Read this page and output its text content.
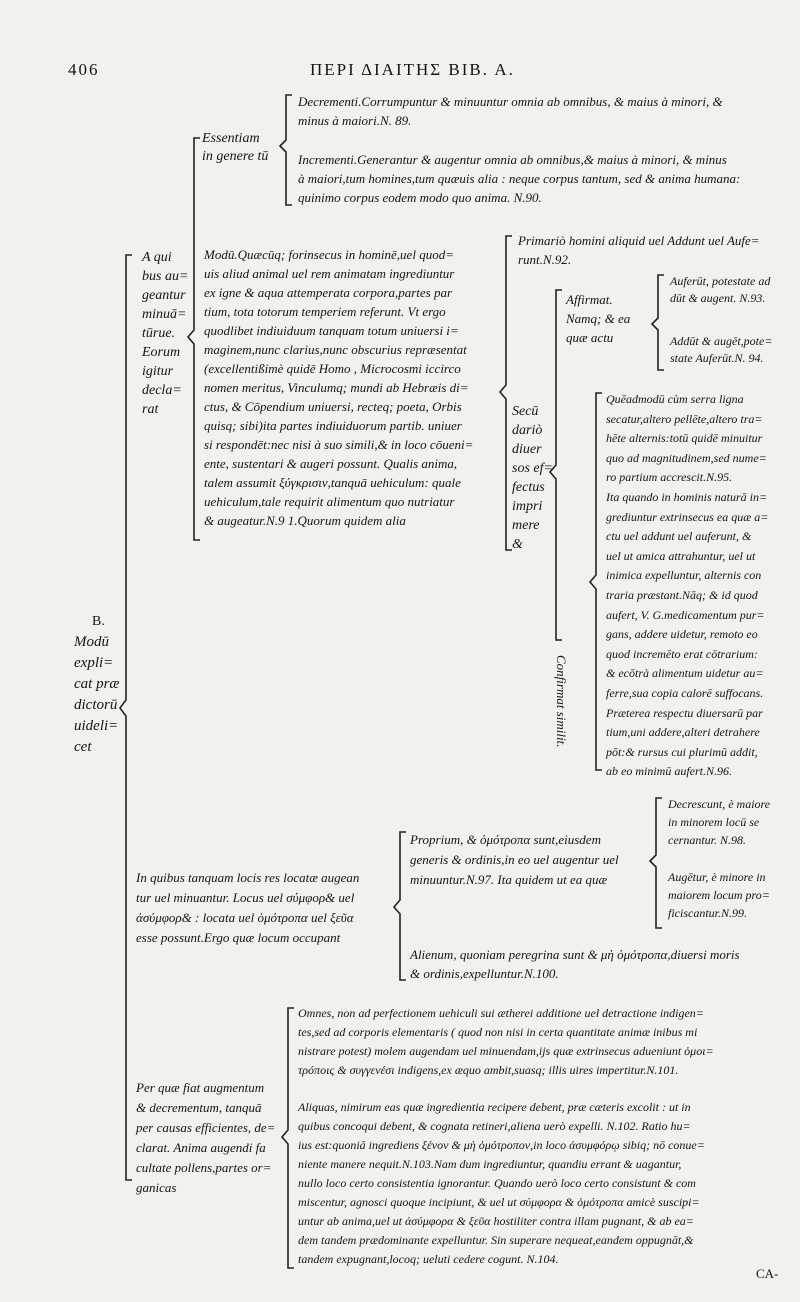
406	ΠΕΡΙ ΔΙΑΙΤΗΣ ΒΙΒ. Α.
B.
Modū
expli=
cat præ
dictorū
uideli=
cet
A qui
bus au=
geantur
minuā=
tūrue.
Eorum
igitur
decla=
rat
Essentiam
in genere tū
Decrementi.Corrumpuntur & minuuntur omnia ab omnibus, & maius à minori, &
minus à maiori.N. 89.
Incrementi.Generantur & augentur omnia ab omnibus,& maius à minori, & minus
à maiori,tum homines,tum quæuis alia : neque corpus tantum, sed & anima humana:
quinimo corpus eodem modo quo anima. N.90.
Modū.Quæcūq; forinsecus in hominē,uel quod=
uis aliud animal uel rem animatam ingrediuntur
ex igne & aqua attemperata corpora,partes par
tium, tota totorum temperiem referunt. Vt ergo
quodlibet indiuiduum tanquam totum uniuersi i=
maginem,nunc clarius,nunc obscurius repræsentat
(excellentißimè quidē Homo , Microcosmi iccirco
nomen meritus, Vinculumq; mundi ab Hebræis di=
ctus, & Cōpendium uniuersi, recteq; poeta, Orbis
quisq; sibi)ita partes indiuiduorum partib. uniuer
si respondēt:nec nisi à suo simili,& in loco cōueni=
ente, sustentari & augeri possunt. Qualis anima,
talem assumit ξύγκρισιν,tanquā uehiculum: quale
uehiculum,tale requirit alimentum quo nutriatur
& augeatur.N.9 1.Quorum quidem alia
Primariò homini aliquid uel Addunt uel Aufe=
runt.N.92.
Secū
dariò
diuer
sos ef=
fectus
impri
mere
&
Affirmat.
Namq; & ea
quæ actu
Auferūt, potestate ad
dūt & augent. N.93.
Addūt & augēt,pote=
state Auferūt.N. 94.
Confirmat similit.
Quēadmodū cùm serra ligna
secatur,altero pellēte,altero tra=
hēte alternis:totū quidē minuitur
quo ad magnitudinem,sed nume=
ro partium accrescit.N.95.
Ita quando in hominis naturā in=
grediuntur extrinsecus ea quæ a=
ctu uel addunt uel auferunt, &
uel ut amica attrahuntur, uel ut
inimica expelluntur, alternis con
traria præstant.Nāq; & id quod
aufert, V. G.medicamentum pur=
gans, addere uidetur, remoto eo
quod incremēto erat cōtrarium:
& ecōtrà alimentum uidetur au=
ferre,sua copia calorē suffocans.
Præterea respectu diuersarū par
tium,uni addere,alteri detrahere
pōt:& rursus cui plurimū addit,
ab eo minimū aufert.N.96.
In quibus tanquam locis res locatæ augean
tur uel minuantur. Locus uel σύμφορ& uel
ἀσύμφορ& : locata uel ὁμότροπα uel ξεῦα
esse possunt.Ergo quæ locum occupant
Proprium, & ὁμότροπα sunt,eiusdem
generis & ordinis,in eo uel augentur uel
minuuntur.N.97. Ita quidem ut ea quæ
Decrescunt, è maiore
in minorem locū se
cernantur. N.98.
Augētur, è minore in
maiorem locum pro=
ficiscantur.N.99.
Alienum, quoniam peregrina sunt & μὴ ὁμότροπα,diuersi moris
& ordinis,expelluntur.N.100.
Per quæ fiat augmentum
& decrementum, tanquā
per causas efficientes, de=
clarat. Anima augendi fa
cultate pollens,partes or=
ganicas
Omnes, non ad perfectionem uehiculi sui ætherei additione uel detractione indigen=
tes,sed ad corporis elementaris ( quod non nisi in certa quantitate animæ inibus mi
nistrare potest) molem augendam uel minuendam,ijs quæ extrinsecus adueniunt ὁμοι=
τρόποις & συγγενέσι indigens,ex æquo ambit,suasq; illis uires impertitur.N.101.
Aliquas, nimirum eas quæ ingredientia recipere debent, præ cæteris excolit : ut in
quibus concoqui debent, & cognata retineri,aliena uerò expelli. N.102. Ratio hu=
ius est:quoniā ingrediens ξένον & μὴ ὁμότροπον,in loco ἀσυμφόρῳ sibiq; nō conue=
niente manere nequit.N.103.Nam dum ingrediuntur, quandiu errant & uagantur,
nullo loco certo consistentia ignorantur. Quando uerò loco certo consistunt & com
miscentur, agnosci quoque incipiunt, & uel ut σύμφορα & ὁμότροπα amicè suscipi=
untur ab anima,uel ut ἀσύμφορα & ξεῦα hostiliter contra illam pugnant, & ab ea=
dem tandem prædominante expelluntur. Sin superare nequeat,eandem oppugnāt,&
tandem expugnant,locoq; ueluti cedere cogunt. N.104.
CA-
